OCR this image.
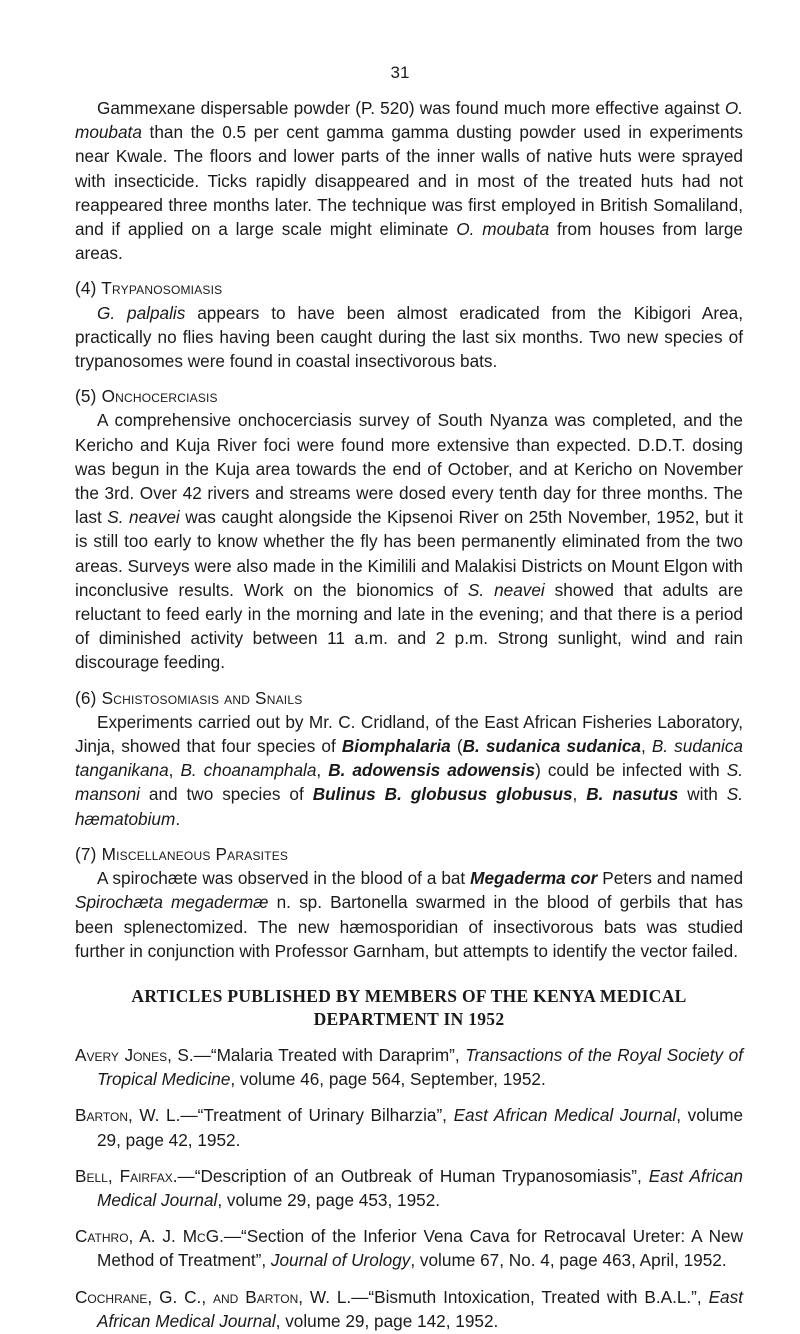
31

Gammexane dispersable powder (P. 520) was found much more effective against O. moubata than the 0.5 per cent gamma gamma dusting powder used in experiments near Kwale. The floors and lower parts of the inner walls of native huts were sprayed with insecticide. Ticks rapidly disappeared and in most of the treated huts had not reappeared three months later. The technique was first employed in British Somaliland, and if applied on a large scale might eliminate O. moubata from houses from large areas.

(4) Trypanosomiasis

G. palpalis appears to have been almost eradicated from the Kibigori Area, practically no flies having been caught during the last six months. Two new species of trypanosomes were found in coastal insectivorous bats.

(5) Onchocerciasis

A comprehensive onchocerciasis survey of South Nyanza was completed, and the Kericho and Kuja River foci were found more extensive than expected. D.D.T. dosing was begun in the Kuja area towards the end of October, and at Kericho on November the 3rd. Over 42 rivers and streams were dosed every tenth day for three months. The last S. neavei was caught alongside the Kipsenoi River on 25th November, 1952, but it is still too early to know whether the fly has been permanently eliminated from the two areas. Surveys were also made in the Kimilili and Malakisi Districts on Mount Elgon with inconclusive results. Work on the bionomics of S. neavei showed that adults are reluctant to feed early in the morning and late in the evening; and that there is a period of diminished activity between 11 a.m. and 2 p.m. Strong sunlight, wind and rain discourage feeding.

(6) Schistosomiasis and Snails

Experiments carried out by Mr. C. Cridland, of the East African Fisheries Laboratory, Jinja, showed that four species of Biomphalaria (B. sudanica sudanica, B. sudanica tanganikana, B. choanamphala, B. adowensis adowensis) could be infected with S. mansoni and two species of Bulinus B. globusus globusus, B. nasutus with S. hæmatobium.

(7) Miscellaneous Parasites

A spirochæte was observed in the blood of a bat Megaderma cor Peters and named Spirochæta megadermæ n. sp. Bartonella swarmed in the blood of gerbils that has been splenectomized. The new hæmosporidian of insectivorous bats was studied further in conjunction with Professor Garnham, but attempts to identify the vector failed.

ARTICLES PUBLISHED BY MEMBERS OF THE KENYA MEDICAL DEPARTMENT IN 1952

Avery Jones, S.—“Malaria Treated with Daraprim”, Transactions of the Royal Society of Tropical Medicine, volume 46, page 564, September, 1952.

Barton, W. L.—“Treatment of Urinary Bilharzia”, East African Medical Journal, volume 29, page 42, 1952.

Bell, Fairfax.—“Description of an Outbreak of Human Trypanosomiasis”, East African Medical Journal, volume 29, page 453, 1952.

Cathro, A. J. McG.—“Section of the Inferior Vena Cava for Retrocaval Ureter: A New Method of Treatment”, Journal of Urology, volume 67, No. 4, page 463, April, 1952.

Cochrane, G. C., and Barton, W. L.—“Bismuth Intoxication, Treated with B.A.L.”, East African Medical Journal, volume 29, page 142, 1952.
